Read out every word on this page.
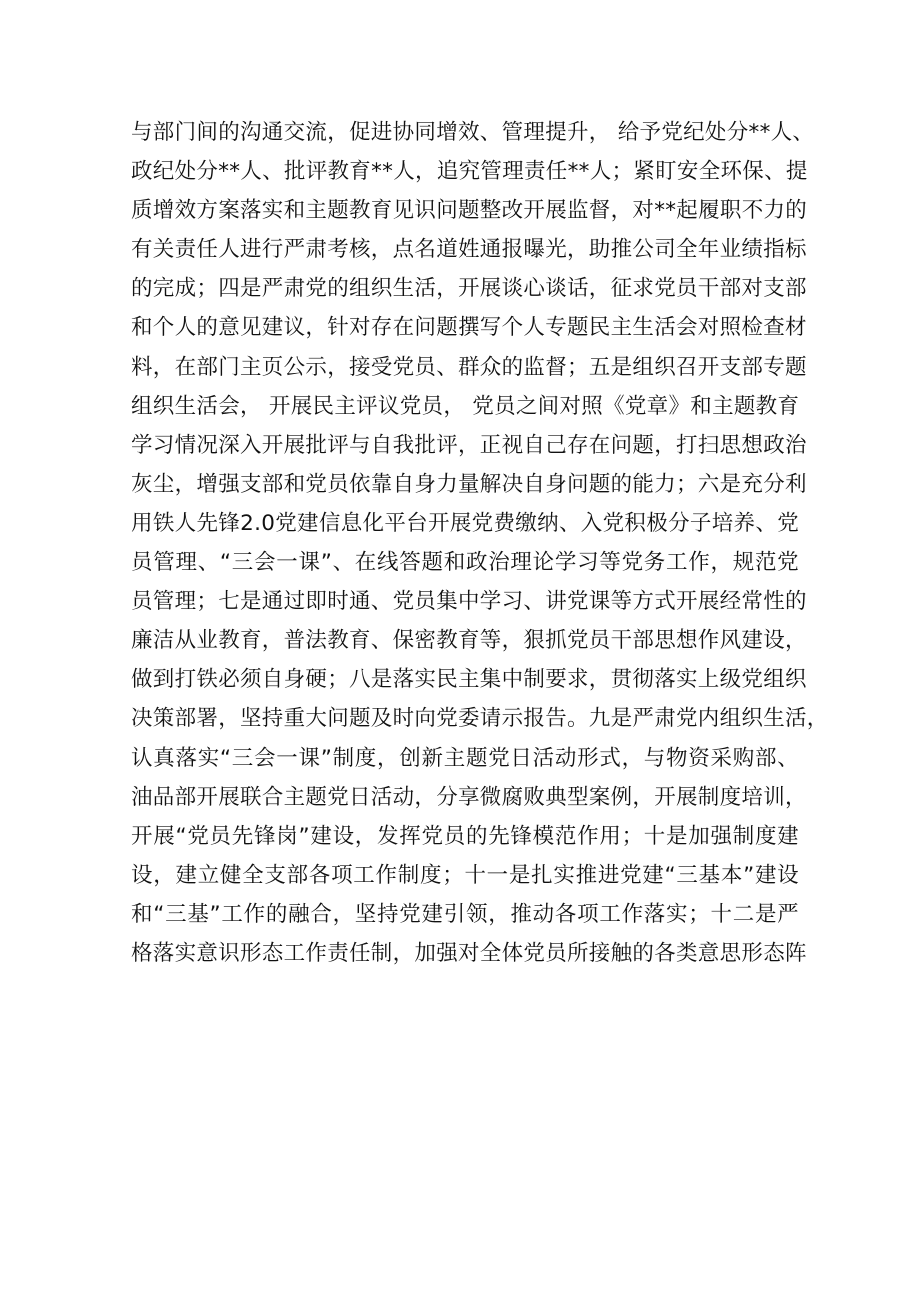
与部门间的沟通交流，促进协同增效、管理提升， 给予党纪处分**人、
政纪处分**人、批评教育**人，追究管理责任**人；紧盯安全环保、提
质增效方案落实和主题教育见识问题整改开展监督，对**起履职不力的
有关责任人进行严肃考核，点名道姓通报曝光，助推公司全年业绩指标
的完成；四是严肃党的组织生活，开展谈心谈话，征求党员干部对支部
和个人的意见建议，针对存在问题撰写个人专题民主生活会对照检查材
料，在部门主页公示，接受党员、群众的监督；五是组织召开支部专题
组织生活会， 开展民主评议党员， 党员之间对照《党章》和主题教育
学习情况深入开展批评与自我批评，正视自己存在问题，打扫思想政治
灰尘，增强支部和党员依靠自身力量解决自身问题的能力；六是充分利
用铁人先锋2.0党建信息化平台开展党费缴纳、入党积极分子培养、党
员管理、“三会一课”、在线答题和政治理论学习等党务工作，规范党
员管理；七是通过即时通、党员集中学习、讲党课等方式开展经常性的
廉洁从业教育，普法教育、保密教育等，狠抓党员干部思想作风建设，
做到打铁必须自身硬；八是落实民主集中制要求，贯彻落实上级党组织
决策部署，坚持重大问题及时向党委请示报告。九是严肃党内组织生活，
认真落实“三会一课”制度，创新主题党日活动形式，与物资采购部、
油品部开展联合主题党日活动，分享微腐败典型案例，开展制度培训，
开展“党员先锋岗”建设，发挥党员的先锋模范作用；十是加强制度建
设，建立健全支部各项工作制度；十一是扎实推进党建“三基本”建设
和“三基”工作的融合，坚持党建引领，推动各项工作落实；十二是严
格落实意识形态工作责任制，加强对全体党员所接触的各类意思形态阵
